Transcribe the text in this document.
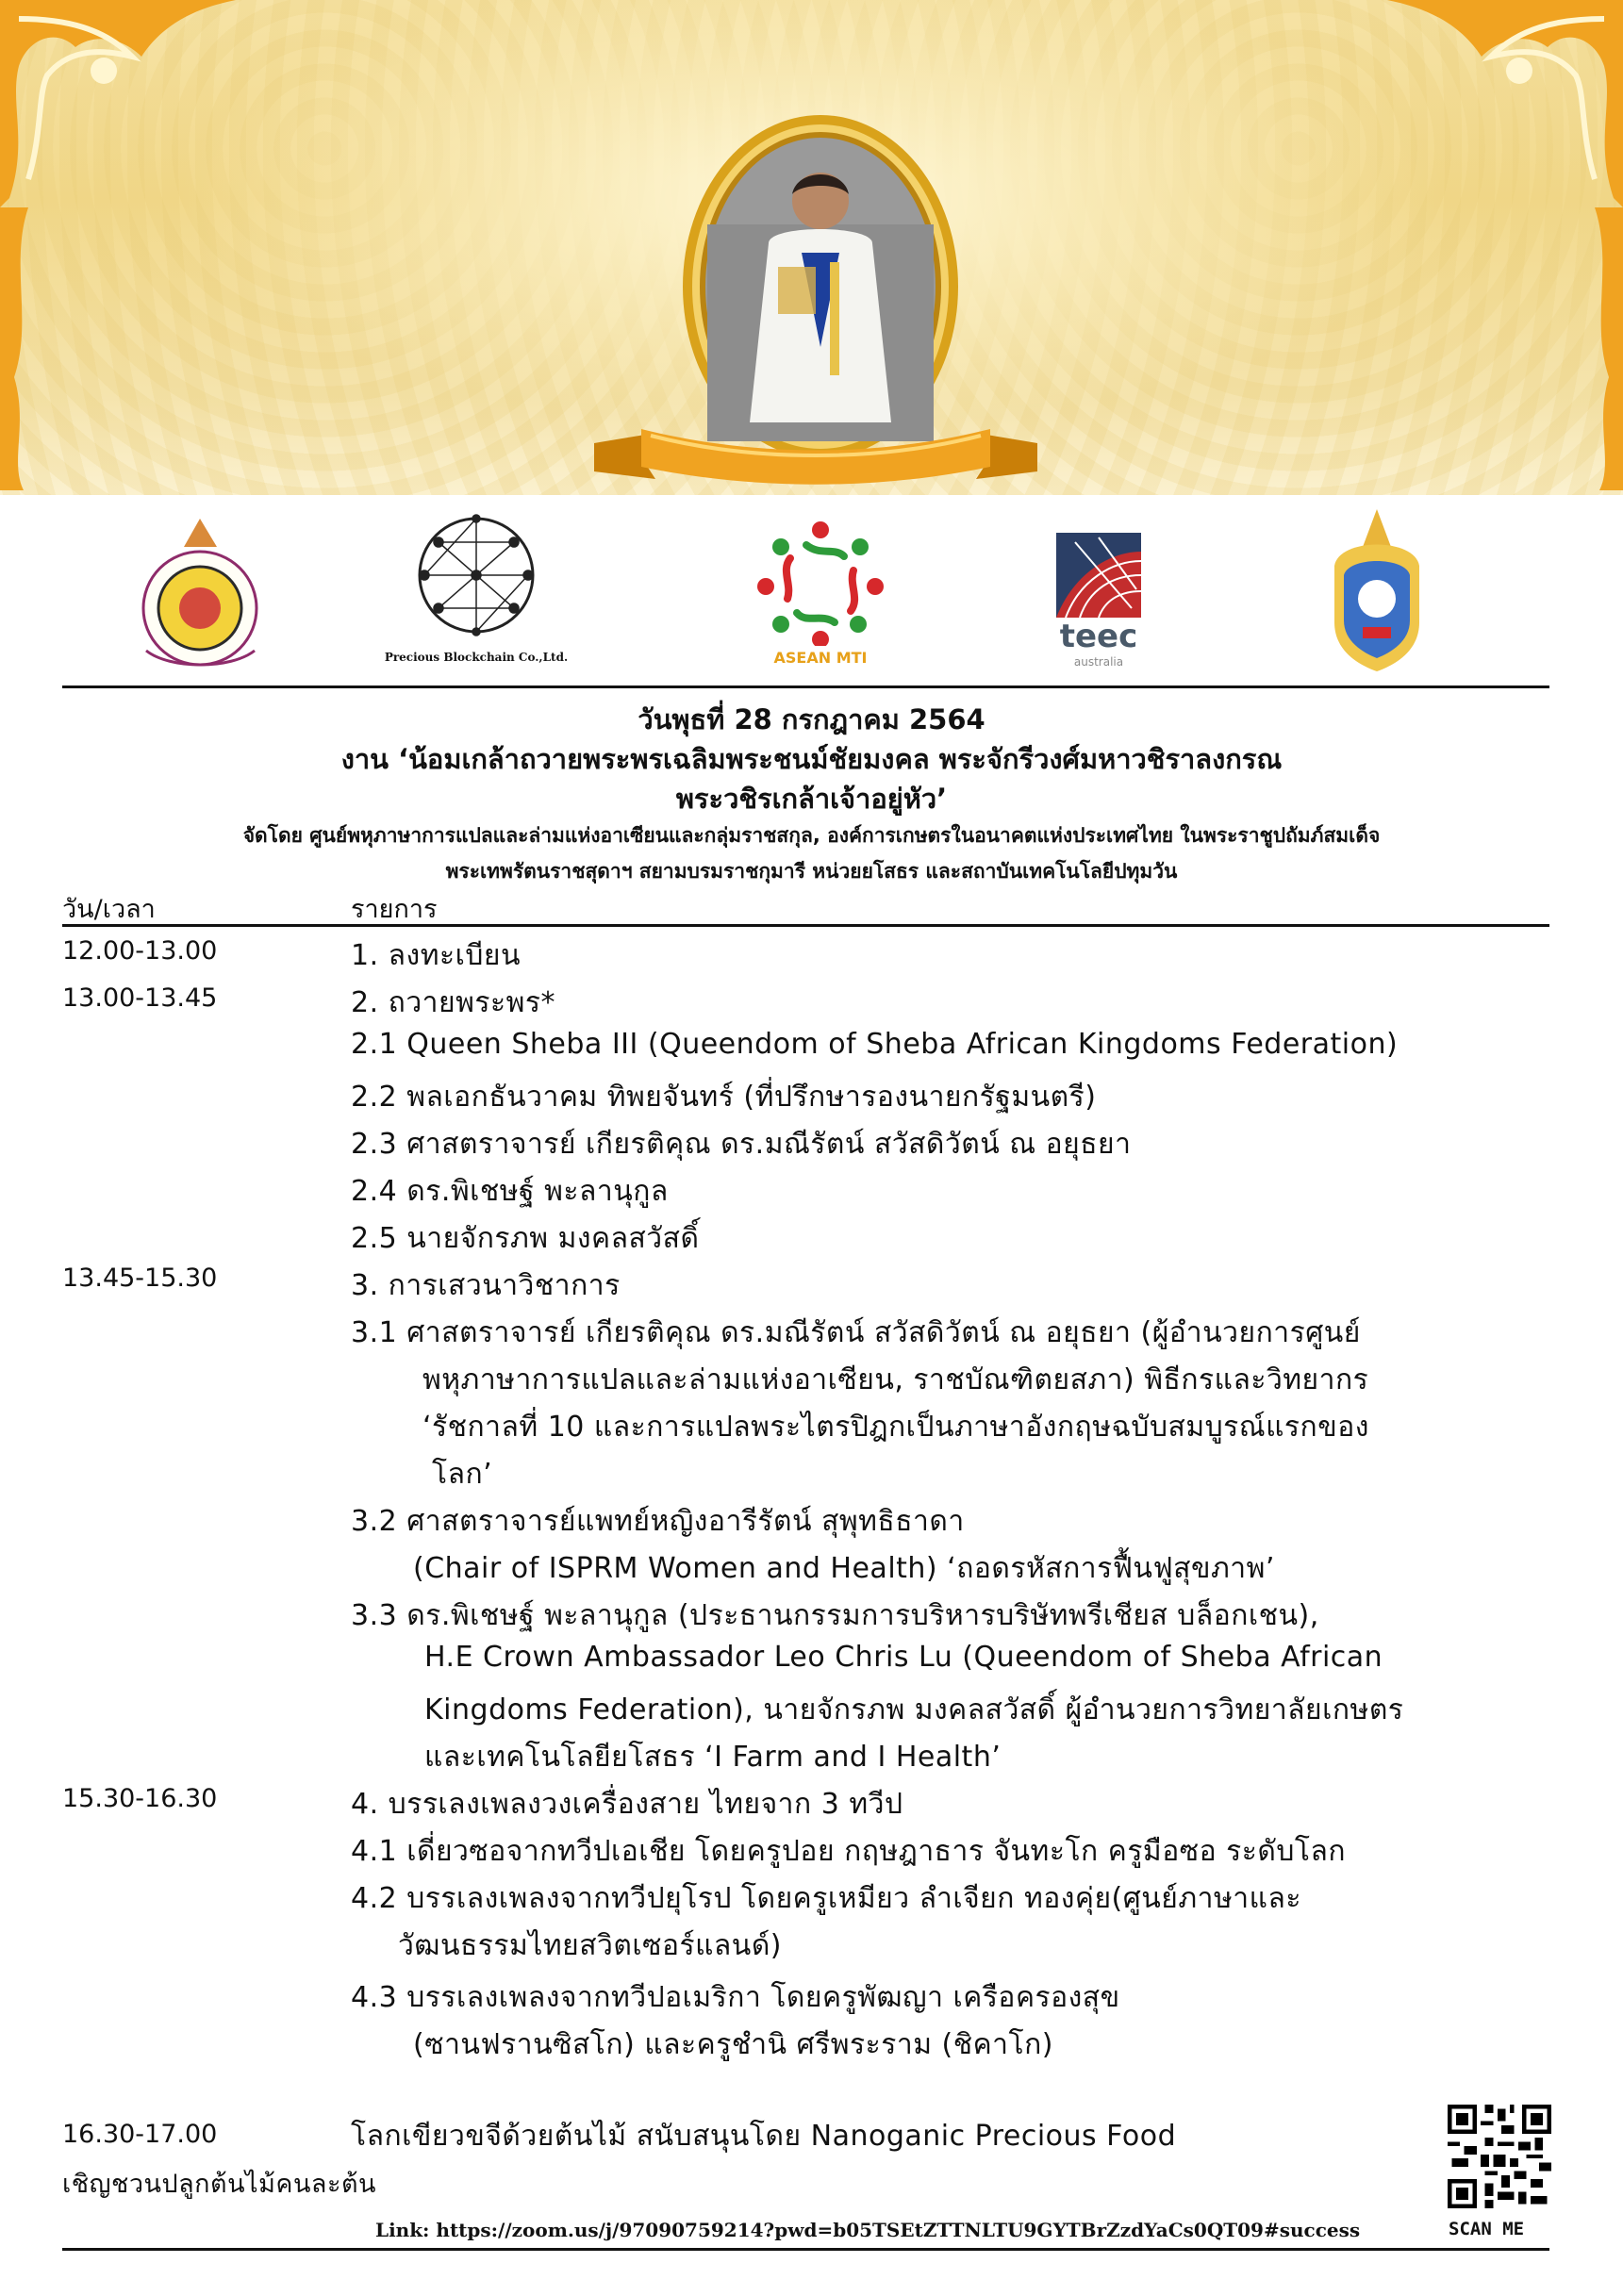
Precious Blockchain Co.,Ltd.	ASEAN MTI
teec
australia
วันพุธที่ 28 กรกฎาคม 2564
งาน ‘น้อมเกล้าถวายพระพรเฉลิมพระชนม์ชัยมงคล พระจักรีวงศ์มหาวชิราลงกรณ
พระวชิรเกล้าเจ้าอยู่หัว’
จัดโดย ศูนย์พหุภาษาการแปลและล่ามแห่งอาเซียนและกลุ่มราชสกุล, องค์การเกษตรในอนาคตแห่งประเทศไทย ในพระราชูปถัมภ์สมเด็จ
พระเทพรัตนราชสุดาฯ สยามบรมราชกุมารี หน่วยยโสธร และสถาบันเทคโนโลยีปทุมวัน
วัน/เวลา	รายการ
12.00-13.00
13.00-13.45
13.45-15.30
15.30-16.30
16.30-17.00
1. ลงทะเบียน
2. ถวายพระพร*
2.1 Queen Sheba III (Queendom of Sheba African Kingdoms Federation)
2.2 พลเอกธันวาคม ทิพยจันทร์ (ที่ปรึกษารองนายกรัฐมนตรี)
2.3 ศาสตราจารย์ เกียรติคุณ ดร.มณีรัตน์ สวัสดิวัตน์ ณ อยุธยา
2.4 ดร.พิเชษฐ์ พะลานุกูล
2.5 นายจักรภพ มงคลสวัสดิ์
3. การเสวนาวิชาการ
3.1 ศาสตราจารย์ เกียรติคุณ ดร.มณีรัตน์ สวัสดิวัตน์ ณ อยุธยา (ผู้อำนวยการศูนย์
พหุภาษาการแปลและล่ามแห่งอาเซียน, ราชบัณฑิตยสภา) พิธีกรและวิทยากร
‘รัชกาลที่ 10 และการแปลพระไตรปิฎกเป็นภาษาอังกฤษฉบับสมบูรณ์แรกของ
โลก’
3.2 ศาสตราจารย์แพทย์หญิงอารีรัตน์ สุพุทธิธาดา
(Chair of ISPRM Women and Health) ‘ถอดรหัสการฟื้นฟูสุขภาพ’
3.3 ดร.พิเชษฐ์ พะลานุกูล (ประธานกรรมการบริหารบริษัทพรีเชียส บล็อกเชน),
H.E Crown Ambassador Leo Chris Lu (Queendom of Sheba African
Kingdoms Federation), นายจักรภพ มงคลสวัสดิ์ ผู้อำนวยการวิทยาลัยเกษตร
และเทคโนโลยียโสธร ‘I Farm and I Health’
4. บรรเลงเพลงวงเครื่องสาย ไทยจาก 3 ทวีป
4.1 เดี่ยวซอจากทวีปเอเชีย โดยครูปอย กฤษฎาธาร จันทะโก ครูมือซอ ระดับโลก
4.2 บรรเลงเพลงจากทวีปยุโรป โดยครูเหมียว ลำเจียก ทองคุ่ย(ศูนย์ภาษาและ
วัฒนธรรมไทยสวิตเซอร์แลนด์)
4.3 บรรเลงเพลงจากทวีปอเมริกา โดยครูพัฒญา เครือครองสุข
(ซานฟรานซิสโก) และครูชำนิ ศรีพระราม (ชิคาโก)
โลกเขียวขจีด้วยต้นไม้ สนับสนุนโดย Nanoganic Precious Food
เชิญชวนปลูกต้นไม้คนละต้น
SCAN ME
Link: https://zoom.us/j/97090759214?pwd=b05TSEtZTTNLTU9GYTBrZzdYaCs0QT09#success
